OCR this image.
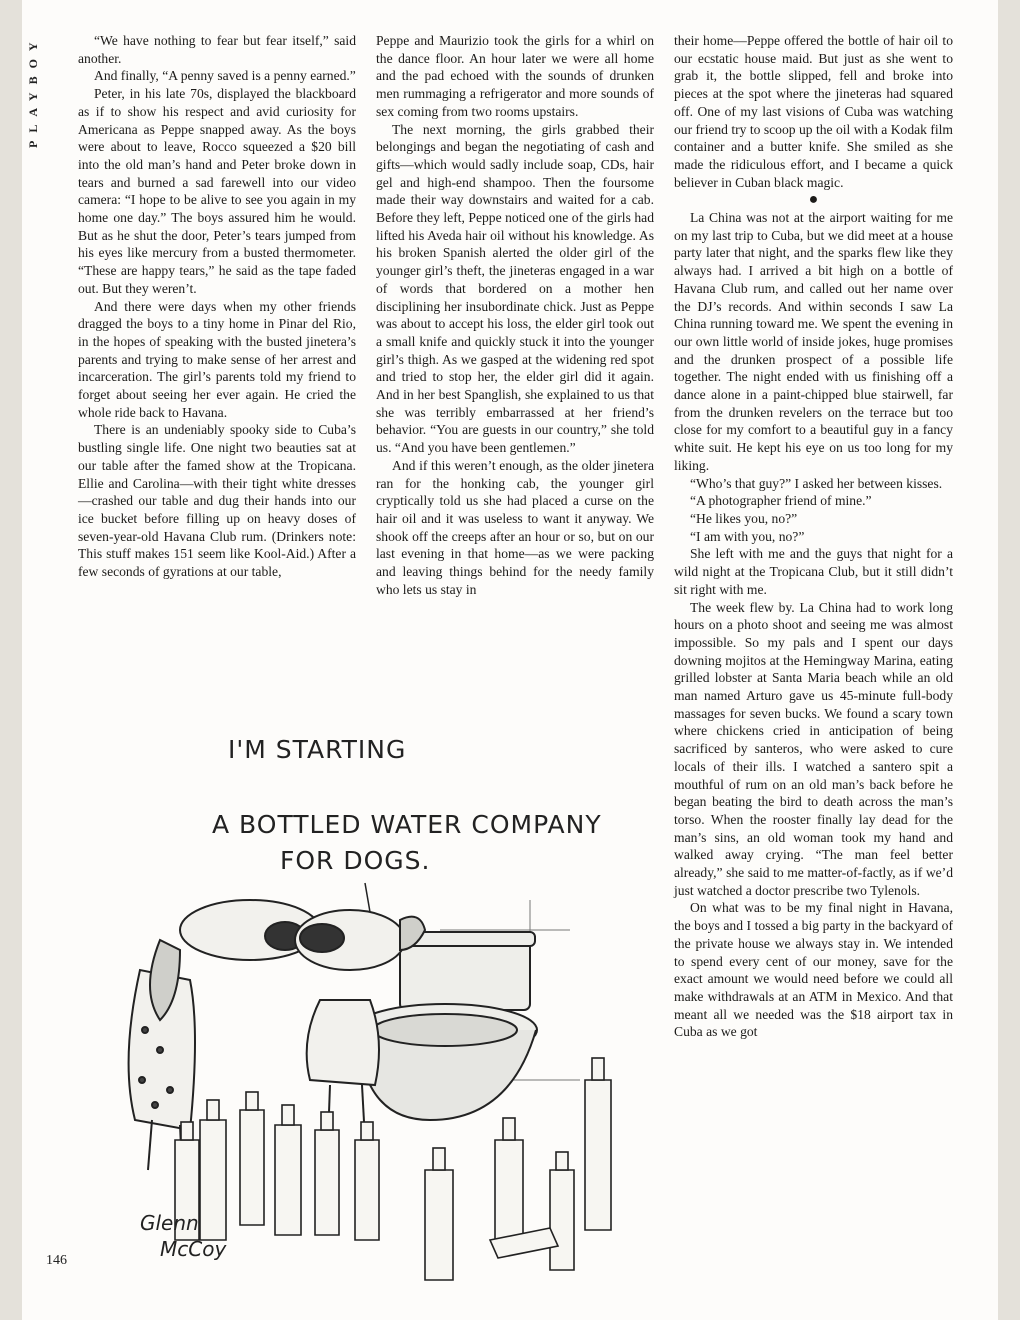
PLAYBOY	“We have nothing to fear but fear itself,” said another.

And finally, “A penny saved is a penny earned.”

Peter, in his late 70s, displayed the blackboard as if to show his respect and avid curiosity for Americana as Peppe snapped away. As the boys were about to leave, Rocco squeezed a $20 bill into the old man’s hand and Peter broke down in tears and burned a sad farewell into our video camera: “I hope to be alive to see you again in my home one day.” The boys assured him he would. But as he shut the door, Peter’s tears jumped from his eyes like mercury from a busted thermometer. “These are happy tears,” he said as the tape faded out. But they weren’t.

And there were days when my other friends dragged the boys to a tiny home in Pinar del Rio, in the hopes of speaking with the busted jinetera’s parents and trying to make sense of her arrest and incarceration. The girl’s parents told my friend to forget about seeing her ever again. He cried the whole ride back to Havana.

There is an undeniably spooky side to Cuba’s bustling single life. One night two beauties sat at our table after the famed show at the Tropicana. Ellie and Carolina—with their tight white dresses—crashed our table and dug their hands into our ice bucket before filling up on heavy doses of seven-year-old Havana Club rum. (Drinkers note: This stuff makes 151 seem like Kool-Aid.) After a few seconds of gyrations at our table,

Peppe and Maurizio took the girls for a whirl on the dance floor. An hour later we were all home and the pad echoed with the sounds of drunken men rummaging a refrigerator and more sounds of sex coming from two rooms upstairs.

The next morning, the girls grabbed their belongings and began the negotiating of cash and gifts—which would sadly include soap, CDs, hair gel and high-end shampoo. Then the foursome made their way downstairs and waited for a cab. Before they left, Peppe noticed one of the girls had lifted his Aveda hair oil without his knowledge. As his broken Spanish alerted the older girl of the younger girl’s theft, the jineteras engaged in a war of words that bordered on a mother hen disciplining her insubordinate chick. Just as Peppe was about to accept his loss, the elder girl took out a small knife and quickly stuck it into the younger girl’s thigh. As we gasped at the widening red spot and tried to stop her, the elder girl did it again. And in her best Spanglish, she explained to us that she was terribly embarrassed at her friend’s behavior. “You are guests in our country,” she told us. “And you have been gentlemen.”

And if this weren’t enough, as the older jinetera ran for the honking cab, the younger girl cryptically told us she had placed a curse on the hair oil and it was useless to want it anyway. We shook off the creeps after an hour or so, but on our last evening in that home—as we were packing and leaving things behind for the needy family who lets us stay in

their home—Peppe offered the bottle of hair oil to our ecstatic house maid. But just as she went to grab it, the bottle slipped, fell and broke into pieces at the spot where the jineteras had squared off. One of my last visions of Cuba was watching our friend try to scoop up the oil with a Kodak film container and a butter knife. She smiled as she made the ridiculous effort, and I became a quick believer in Cuban black magic.

●

La China was not at the airport waiting for me on my last trip to Cuba, but we did meet at a house party later that night, and the sparks flew like they always had. I arrived a bit high on a bottle of Havana Club rum, and called out her name over the DJ’s records. And within seconds I saw La China running toward me. We spent the evening in our own little world of inside jokes, huge promises and the drunken prospect of a possible life together. The night ended with us finishing off a dance alone in a paint-chipped blue stairwell, far from the drunken revelers on the terrace but too close for my comfort to a beautiful guy in a fancy white suit. He kept his eye on us too long for my liking.

“Who’s that guy?” I asked her between kisses.

“A photographer friend of mine.”

“He likes you, no?”

“I am with you, no?”

She left with me and the guys that night for a wild night at the Tropicana Club, but it still didn’t sit right with me.

The week flew by. La China had to work long hours on a photo shoot and seeing me was almost impossible. So my pals and I spent our days downing mojitos at the Hemingway Marina, eating grilled lobster at Santa Maria beach while an old man named Arturo gave us 45-minute full-body massages for seven bucks. We found a scary town where chickens cried in anticipation of being sacrificed by santeros, who were asked to cure locals of their ills. I watched a santero spit a mouthful of rum on an old man’s back before he began beating the bird to death across the man’s torso. When the rooster finally lay dead for the man’s sins, an old woman took my hand and walked away crying. “The man feel better already,” she said to me matter-of-factly, as if we’d just watched a doctor prescribe two Tylenols.

On what was to be my final night in Havana, the boys and I tossed a big party in the backyard of the private house we always stay in. We intended to spend every cent of our money, save for the exact amount we would need before we could all make withdrawals at an ATM in Mexico. And that meant all we needed was the $18 airport tax in Cuba as we got

I'M STARTING
A BOTTLED WATER COMPANY
FOR DOGS.
Glenn
McCoy
146
